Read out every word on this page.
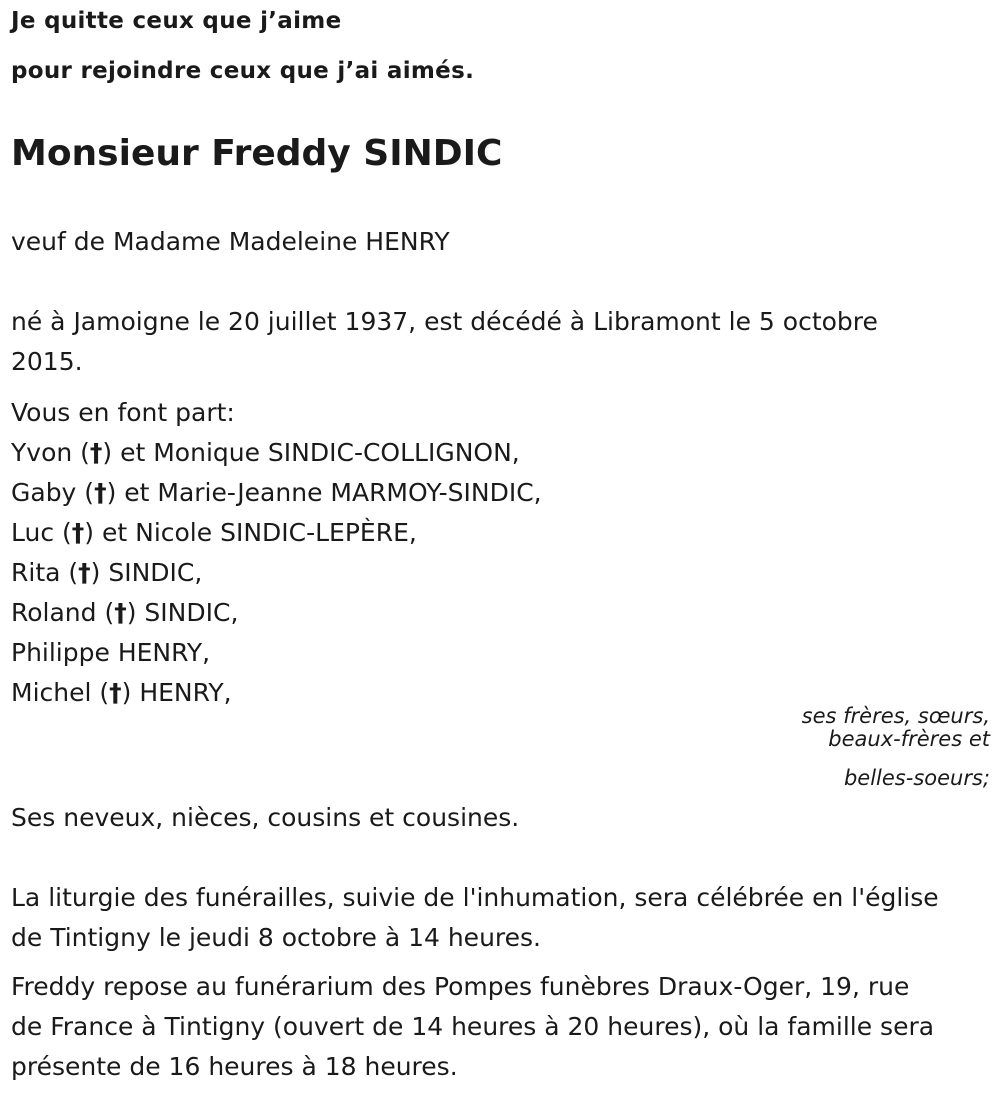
Je quitte ceux que j’aime
pour rejoindre ceux que j’ai aimés.
Monsieur Freddy SINDIC
veuf de Madame Madeleine HENRY
né à Jamoigne le 20 juillet 1937, est décédé à Libramont le 5 octobre
2015.
Vous en font part:
Yvon (†) et Monique SINDIC-COLLIGNON,
Gaby (†) et Marie-Jeanne MARMOY-SINDIC,
Luc (†) et Nicole SINDIC-LEPÈRE,
Rita (†) SINDIC,
Roland (†) SINDIC,
Philippe HENRY,
Michel (†) HENRY,
ses frères, sœurs,
beaux-frères et
belles-soeurs;
Ses neveux, nièces, cousins et cousines.
La liturgie des funérailles, suivie de l'inhumation, sera célébrée en l'église
de Tintigny le jeudi 8 octobre à 14 heures.
Freddy repose au funérarium des Pompes funèbres Draux-Oger, 19, rue
de France à Tintigny (ouvert de 14 heures à 20 heures), où la famille sera
présente de 16 heures à 18 heures.
